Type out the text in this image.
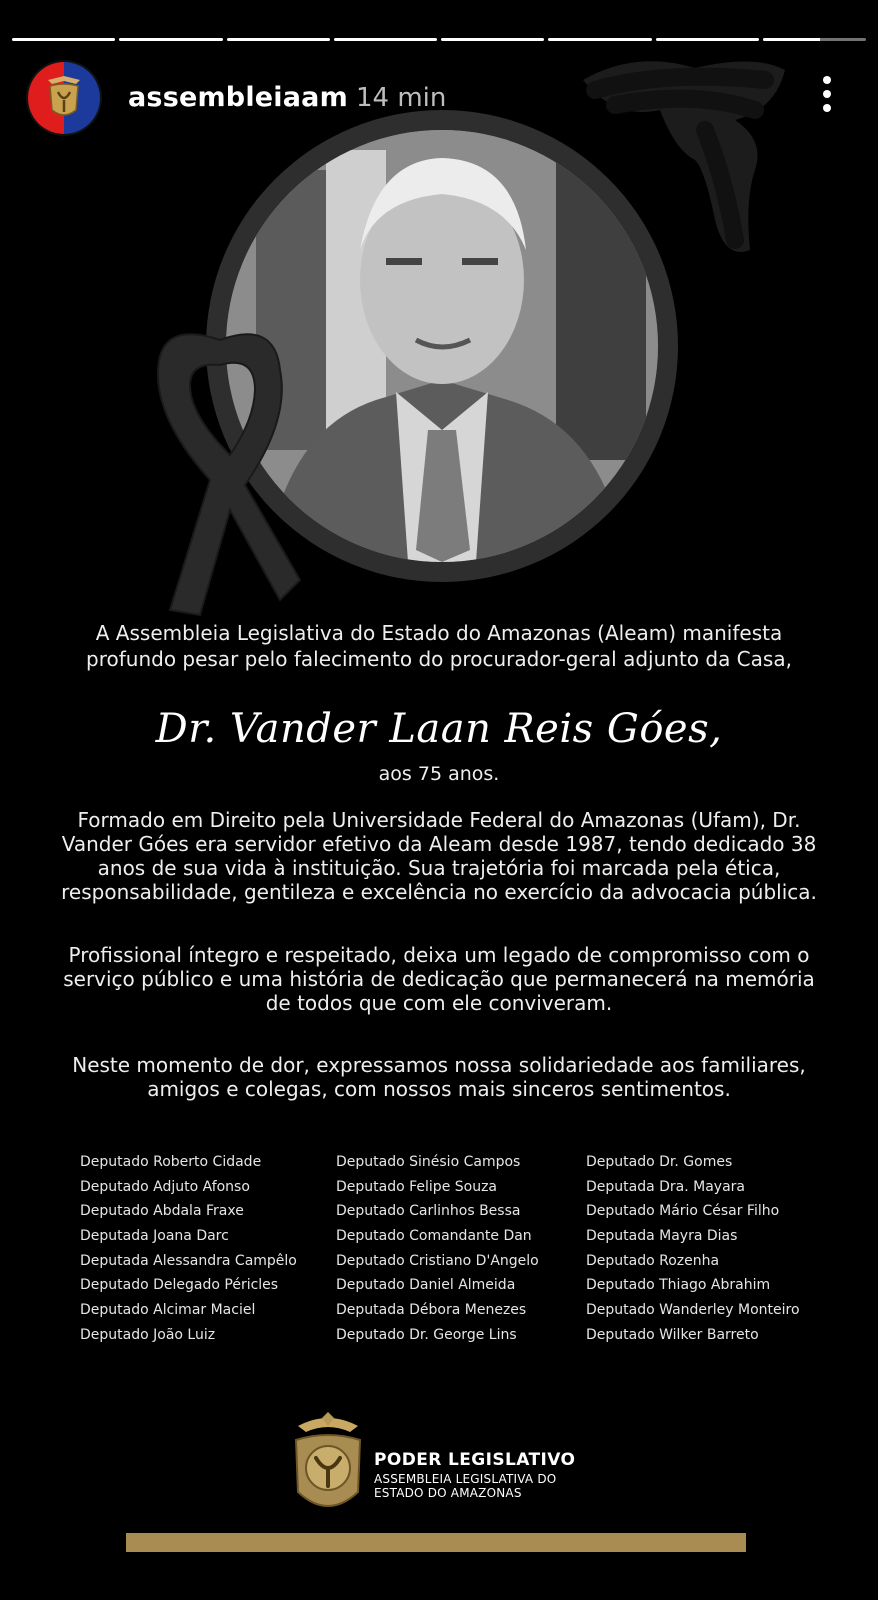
assembleiaam 14 min
A Assembleia Legislativa do Estado do Amazonas (Aleam) manifesta profundo pesar pelo falecimento do procurador-geral adjunto da Casa,
Dr. Vander Laan Reis Góes,
aos 75 anos.
Formado em Direito pela Universidade Federal do Amazonas (Ufam), Dr. Vander Góes era servidor efetivo da Aleam desde 1987, tendo dedicado 38 anos de sua vida à instituição. Sua trajetória foi marcada pela ética, responsabilidade, gentileza e excelência no exercício da advocacia pública.
Profissional íntegro e respeitado, deixa um legado de compromisso com o serviço público e uma história de dedicação que permanecerá na memória de todos que com ele conviveram.
Neste momento de dor, expressamos nossa solidariedade aos familiares, amigos e colegas, com nossos mais sinceros sentimentos.
Deputado Roberto Cidade
Deputado Adjuto Afonso
Deputado Abdala Fraxe
Deputada Joana Darc
Deputada Alessandra Campêlo
Deputado Delegado Péricles
Deputado Alcimar Maciel
Deputado João Luiz
Deputado Sinésio Campos
Deputado Felipe Souza
Deputado Carlinhos Bessa
Deputado Comandante Dan
Deputado Cristiano D'Angelo
Deputado Daniel Almeida
Deputada Débora Menezes
Deputado Dr. George Lins
Deputado Dr. Gomes
Deputada Dra. Mayara
Deputado Mário César Filho
Deputada Mayra Dias
Deputado Rozenha
Deputado Thiago Abrahim
Deputado Wanderley Monteiro
Deputado Wilker Barreto
PODER LEGISLATIVO
ASSEMBLEIA LEGISLATIVA DO
ESTADO DO AMAZONAS
